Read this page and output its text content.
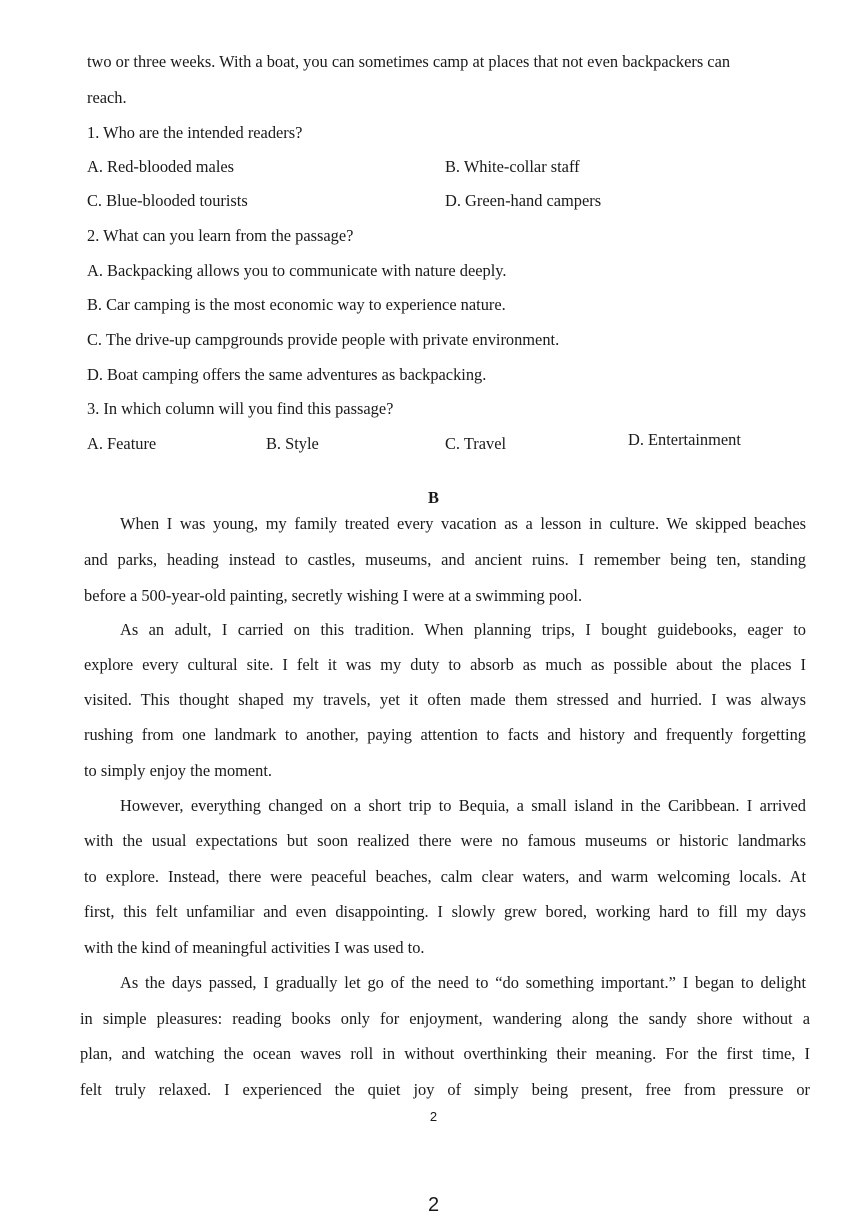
two or three weeks. With a boat, you can sometimes camp at places that not even backpackers can
reach.
1. Who are the intended readers?
A. Red-blooded males	B. White-collar staff
C. Blue-blooded tourists	D. Green-hand campers
2. What can you learn from the passage?
A. Backpacking allows you to communicate with nature deeply.
B. Car camping is the most economic way to experience nature.
C. The drive-up campgrounds provide people with private environment.
D. Boat camping offers the same adventures as backpacking.
3. In which column will you find this passage?
A. Feature	B. Style	C. Travel	D. Entertainment
B
When I was young, my family treated every vacation as a lesson in culture. We skipped beaches
and parks, heading instead to castles, museums, and ancient ruins. I remember being ten, standing
before a 500-year-old painting, secretly wishing I were at a swimming pool.
As an adult, I carried on this tradition. When planning trips, I bought guidebooks, eager to
explore every cultural site. I felt it was my duty to absorb as much as possible about the places I
visited. This thought shaped my travels, yet it often made them stressed and hurried. I was always
rushing from one landmark to another, paying attention to facts and history and frequently forgetting
to simply enjoy the moment.
However, everything changed on a short trip to Bequia, a small island in the Caribbean. I arrived
with the usual expectations but soon realized there were no famous museums or historic landmarks
to explore. Instead, there were peaceful beaches, calm clear waters, and warm welcoming locals. At
first, this felt unfamiliar and even disappointing. I slowly grew bored, working hard to fill my days
with the kind of meaningful activities I was used to.
As the days passed, I gradually let go of the need to “do something important.” I began to delight
in simple pleasures: reading books only for enjoyment, wandering along the sandy shore without a
plan, and watching the ocean waves roll in without overthinking their meaning. For the first time, I
felt truly relaxed. I experienced the quiet joy of simply being present, free from pressure or
2
2
